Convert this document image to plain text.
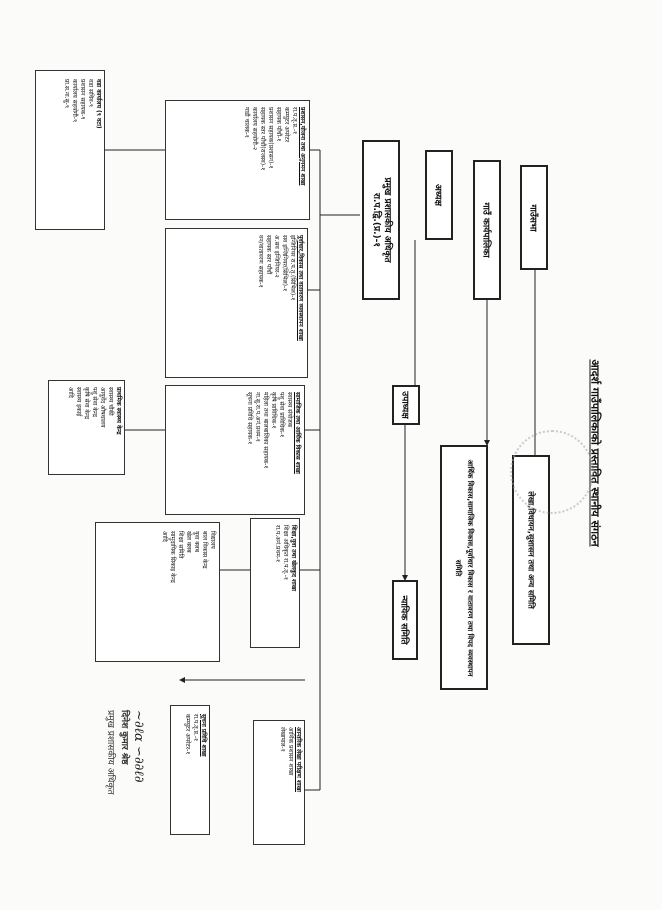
आदर्श गाउँपालिकाको प्रस्तावित स्थानीय संगठन
गाउँसभा
गाउँ कार्यपालिका
अध्यक्ष
प्रमुख प्रशासकीय अधिकृत
रा.प.द्वि.(प्र.)-१
उपाध्यक्ष
न्यायिक समिति
लेखा,विधायन,सुशासन तथा अन्य समिति
आर्थिक विकास,सामाजिक विकास,पूर्वाधार विकास र वातावरण तथा विपद व्यवस्थापन समिति
प्रशासन,योजना तथा अनुगमन शाखा
रा.प.तृ.प्र.-१
कम्प्युटर अपरेटर
सहायक पाँचौं-१
प्रशासन सहायक(प्रशासन)-१
सहायक स्तर पाँचौं(राजस्व)-१
कार्यालय सहयोगी-२
गाडी चालक-१
पूर्वाधार,विकास तथा वातावरण व्यवस्थापन शाखा
इन्जिनियर रा.प.तृ.(सिभिल)-१
सव इन्जिनियर(सिभिल)-१
अ.सव इन्जिनियर-२
सहायक स्तर पाँचौं
वन/वातावरण सहायक-१
सामाजिक तथा आर्थिक विकास शाखा
स्वास्थ्य संयोजक
पशु सेवा प्राविधिक-१
कृषि प्राविधिक-१
महिला तथा बालबालिका सहायक-१
ना.सु.रा.प.अनं.प्रथम-१
सूचना प्रविधि सहायक-१
शिक्षा,युवा तथा खेलकुद शाखा
शिक्षा अधिकृत रा.प.तृ.-१
रा.प.अनं.प्रथम-१
आन्तरिक लेखा परीक्षण शाखा
आर्थिक प्रशासन शाखा
लेखापाल-१
सूचना प्रविधि शाखा
रा.प.तृ.प्र.-१
कम्प्युटर अपरेटर-१
वडा कार्यालय (९ वटा)
वडा सचिव-९
प्रशासन सहायक-९
कार्यालय सहयोगी-९
प्रा.स.ना.सु-९
प्राथमिक स्वास्थ्य केन्द्र
स्वास्थ्य चौकी
आयुर्वेद औषधालय
पशु सेवा केन्द्र
कृषि सेवा केन्द्र
स्वास्थ्य इकाई
आदि
विद्यालय
बाल विकास केन्द्र
युवा क्लब
खेल क्लब
शिक्षा समिति
सामुदायिक सिकाइ केन्द्र
आदि
~∂ℓɑ ∽∂∂ℓ∂
दिनेश कुमार श्रेष्ठ
प्रमुख प्रशासकीय अधिकृत
